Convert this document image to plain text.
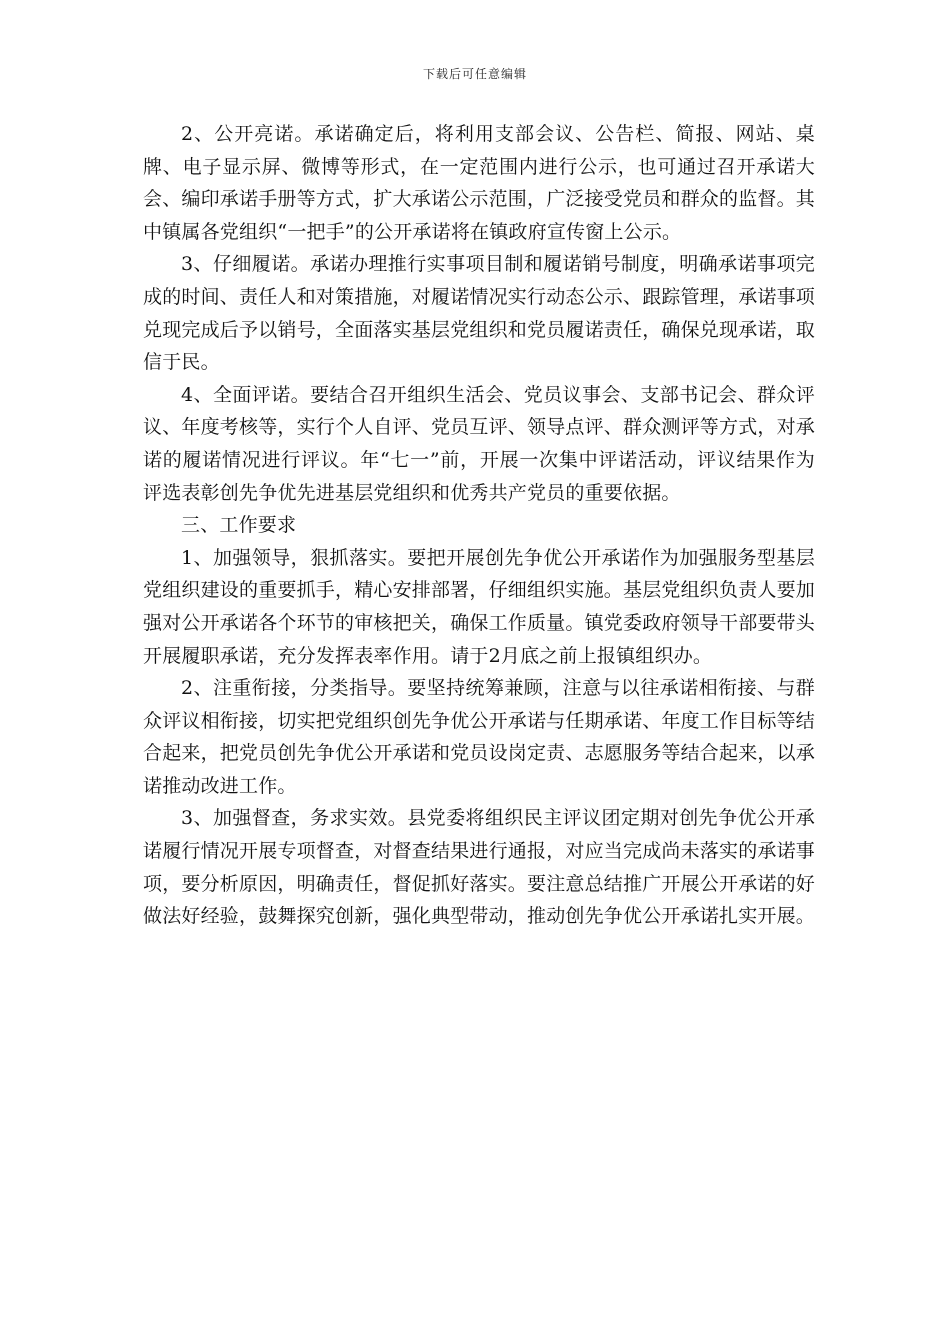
下载后可任意编辑

2、公开亮诺。承诺确定后，将利用支部会议、公告栏、简报、网站、桌牌、电子显示屏、微博等形式，在一定范围内进行公示，也可通过召开承诺大会、编印承诺手册等方式，扩大承诺公示范围，广泛接受党员和群众的监督。其中镇属各党组织“一把手”的公开承诺将在镇政府宣传窗上公示。

3、仔细履诺。承诺办理推行实事项目制和履诺销号制度，明确承诺事项完成的时间、责任人和对策措施，对履诺情况实行动态公示、跟踪管理，承诺事项兑现完成后予以销号，全面落实基层党组织和党员履诺责任，确保兑现承诺，取信于民。

4、全面评诺。要结合召开组织生活会、党员议事会、支部书记会、群众评议、年度考核等，实行个人自评、党员互评、领导点评、群众测评等方式，对承诺的履诺情况进行评议。年“七一”前，开展一次集中评诺活动，评议结果作为评选表彰创先争优先进基层党组织和优秀共产党员的重要依据。

三、工作要求

1、加强领导，狠抓落实。要把开展创先争优公开承诺作为加强服务型基层党组织建设的重要抓手，精心安排部署，仔细组织实施。基层党组织负责人要加强对公开承诺各个环节的审核把关，确保工作质量。镇党委政府领导干部要带头开展履职承诺，充分发挥表率作用。请于2月底之前上报镇组织办。

2、注重衔接，分类指导。要坚持统筹兼顾，注意与以往承诺相衔接、与群众评议相衔接，切实把党组织创先争优公开承诺与任期承诺、年度工作目标等结合起来，把党员创先争优公开承诺和党员设岗定责、志愿服务等结合起来，以承诺推动改进工作。

3、加强督查，务求实效。县党委将组织民主评议团定期对创先争优公开承诺履行情况开展专项督查，对督查结果进行通报，对应当完成尚未落实的承诺事项，要分析原因，明确责任，督促抓好落实。要注意总结推广开展公开承诺的好做法好经验，鼓舞探究创新，强化典型带动，推动创先争优公开承诺扎实开展。
